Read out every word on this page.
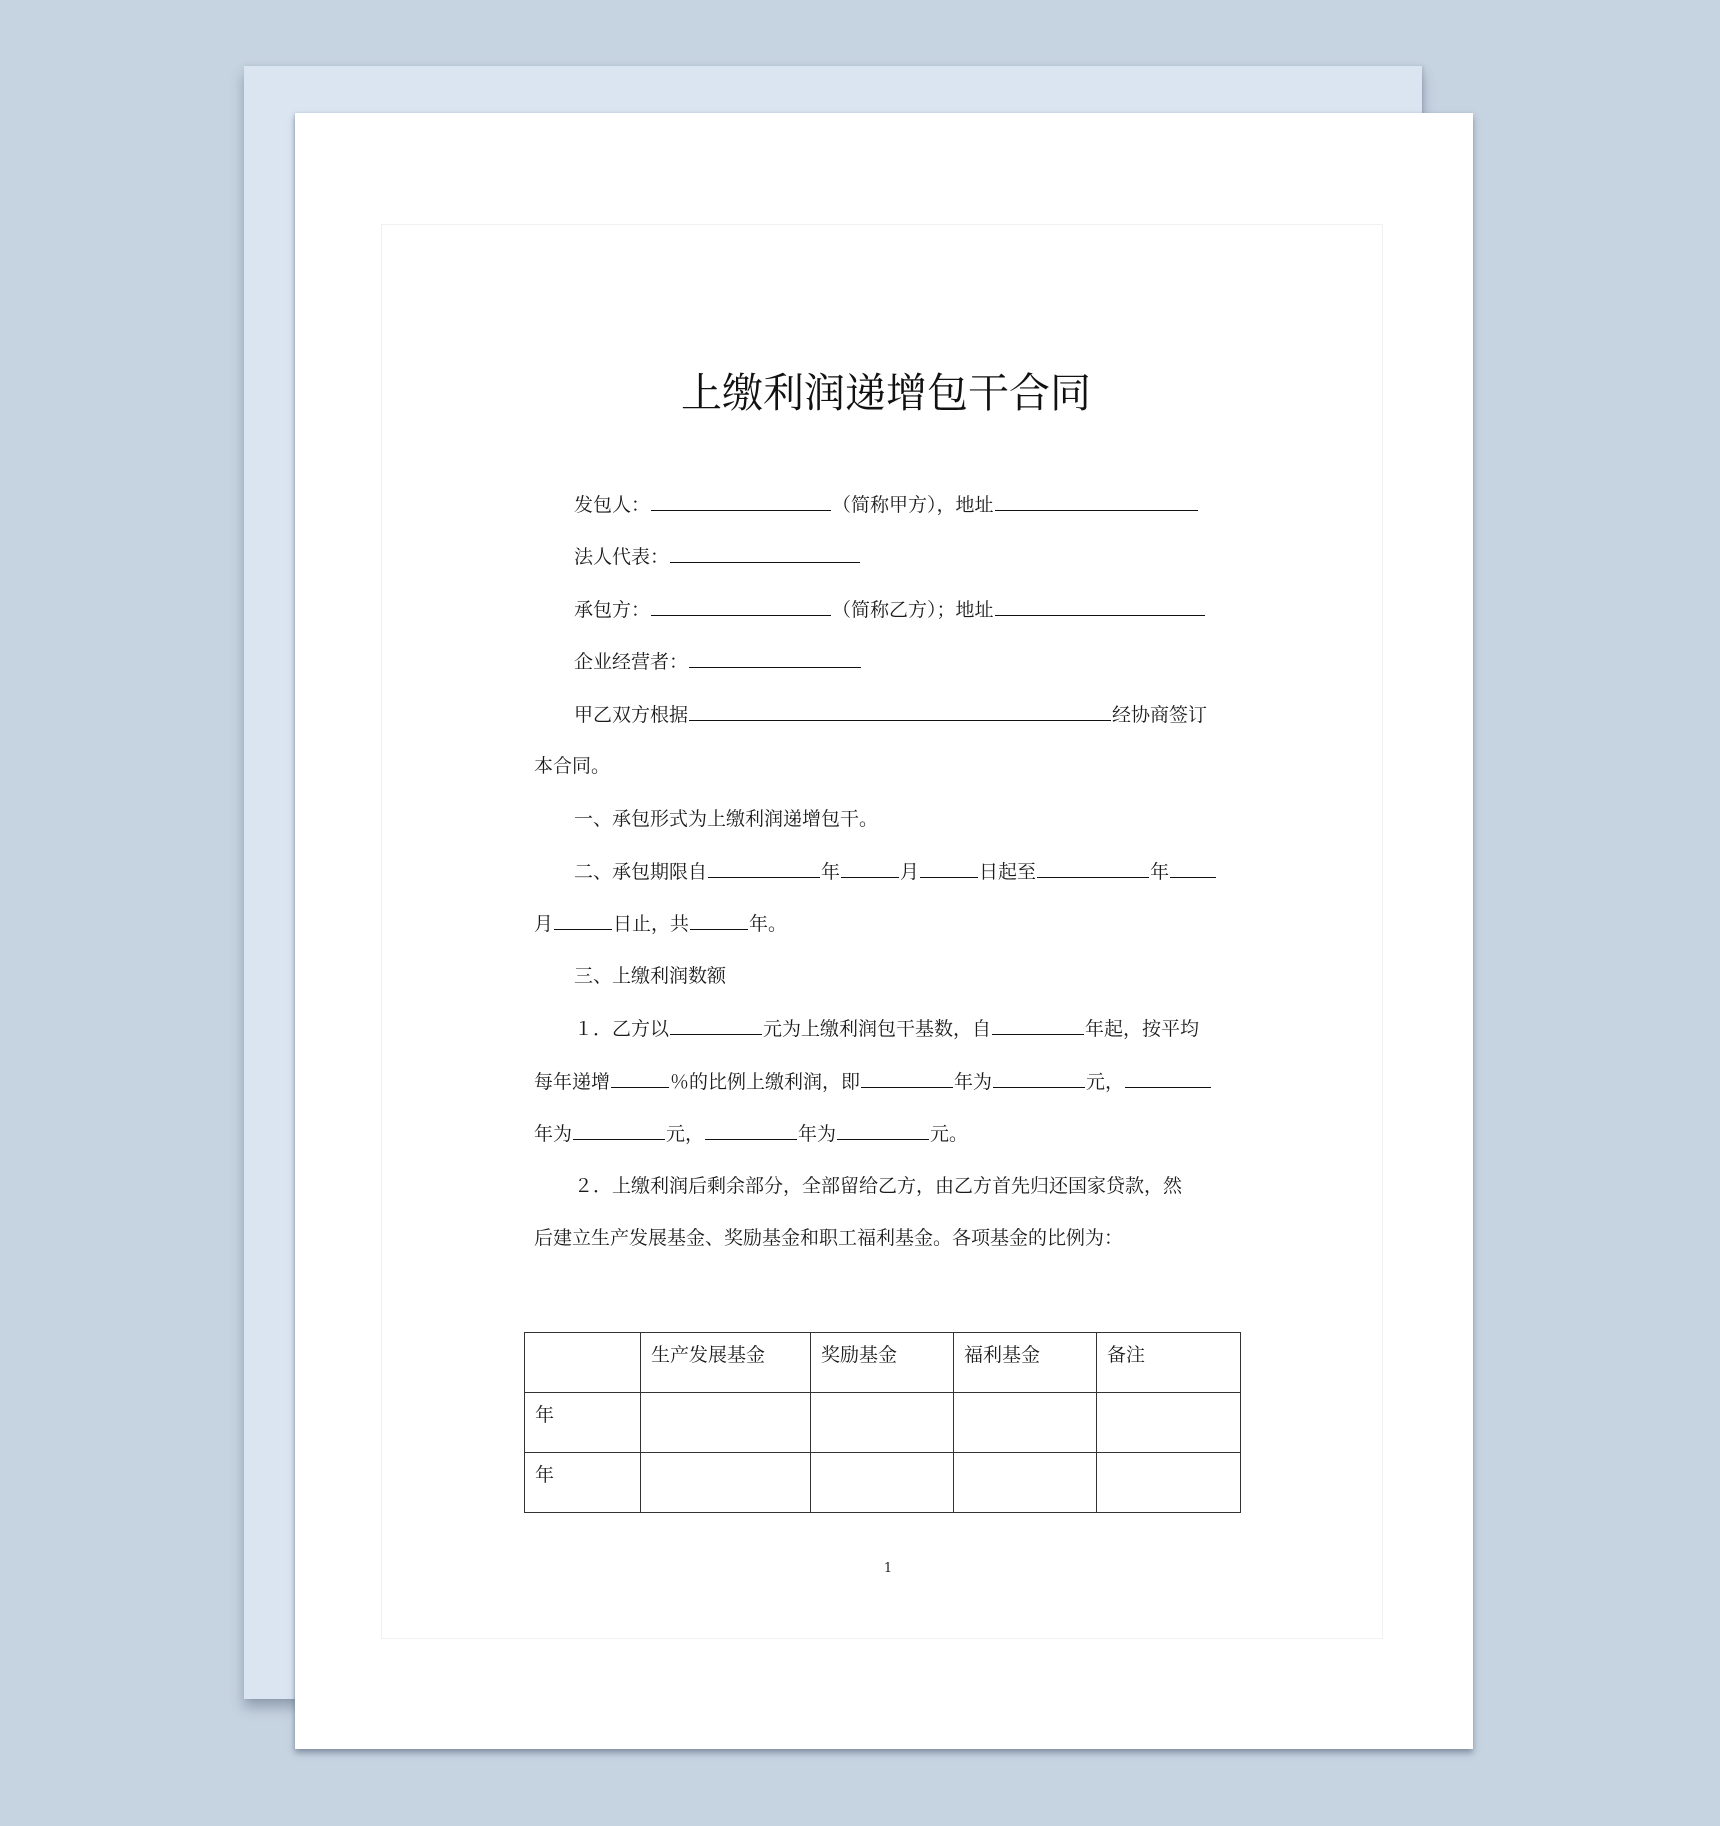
上缴利润递增包干合同
发包人：	（简称甲方），地址
法人代表：
承包方：	（简称乙方）；地址
企业经营者：
甲乙双方根据	经协商签订
本合同。
一、承包形式为上缴利润递增包干。
二、承包期限自	年	月	日起至	年
月	日止，共	年。
三、上缴利润数额
１．乙方以	元为上缴利润包干基数，自	年起，按平均
每年递增	％的比例上缴利润，即	年为	元，
年为	元，	年为	元。
２．上缴利润后剩余部分，全部留给乙方，由乙方首先归还国家贷款，然
后建立生产发展基金、奖励基金和职工福利基金。各项基金的比例为：
	生产发展基金	奖励基金	福利基金	备注
年				
年				
1
